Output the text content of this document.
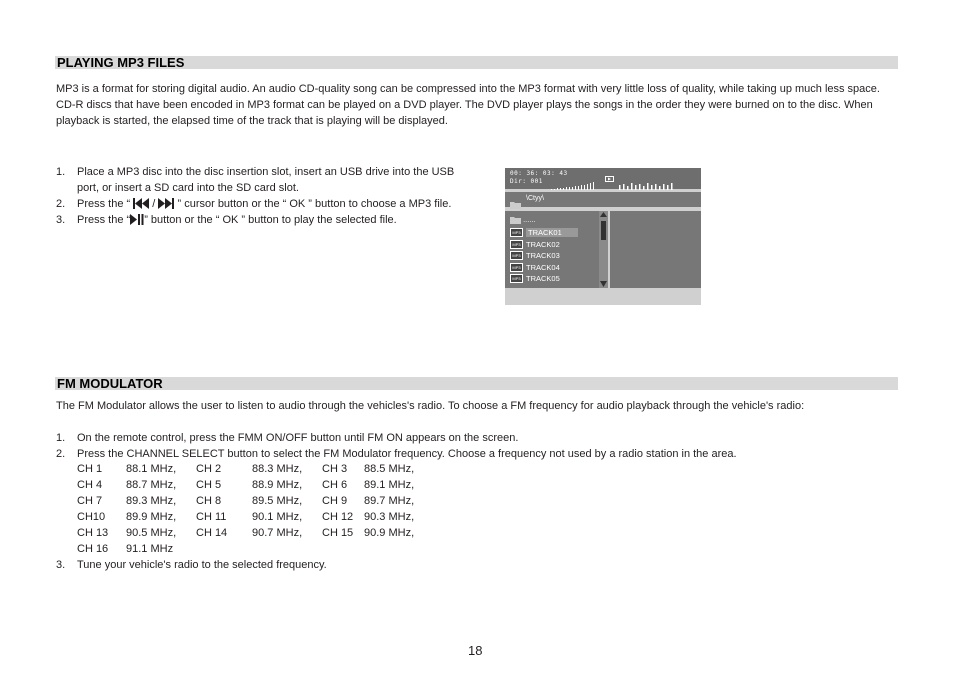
PLAYING MP3 FILES
MP3 is a format for storing digital audio. An audio CD-quality song can be compressed into the MP3 format with very little loss of quality, while taking up much less space. CD-R discs that have been encoded in MP3 format can be played on a DVD player. The DVD player plays the songs in the order they were burned on to the disc. When playback is started, the elapsed time of the track that is playing will be displayed.
1. Place a MP3 disc into the disc insertion slot, insert an USB drive into the USB
port, or insert a SD card into the SD card slot.
2. Press the “  /  ” cursor button or the “ OK ” button to choose a MP3 file.
3. Press the “ ” button or the “ OK ” button to play the selected file.
00: 36: 03: 43
Dir: 001
\Ctyy\
......
MP3 TRACK01
MP3 TRACK02
MP3 TRACK03
MP3 TRACK04
MP3 TRACK05
FM MODULATOR
The FM Modulator allows the user to listen to audio through the vehicles's radio. To choose a FM frequency for audio playback through the vehicle's radio:
1. On the remote control, press the FMM ON/OFF button until FM ON appears on the screen.
2. Press the CHANNEL SELECT button to select the FM Modulator frequency. Choose a frequency not used by a radio station in the area.
CH 1 88.1 MHz, CH 2	88.3 MHz, CH 3 88.5 MHz,
CH 4 88.7 MHz, CH 5	88.9 MHz, CH 6 89.1 MHz,
CH 7 89.3 MHz, CH 8	89.5 MHz, CH 9 89.7 MHz,
CH10 89.9 MHz, CH 11 90.1 MHz, CH 12 90.3 MHz,
CH 13 90.5 MHz, CH 14 90.7 MHz, CH 15 90.9 MHz,
CH 16 91.1 MHz
3. Tune your vehicle's radio to the selected frequency.
18
